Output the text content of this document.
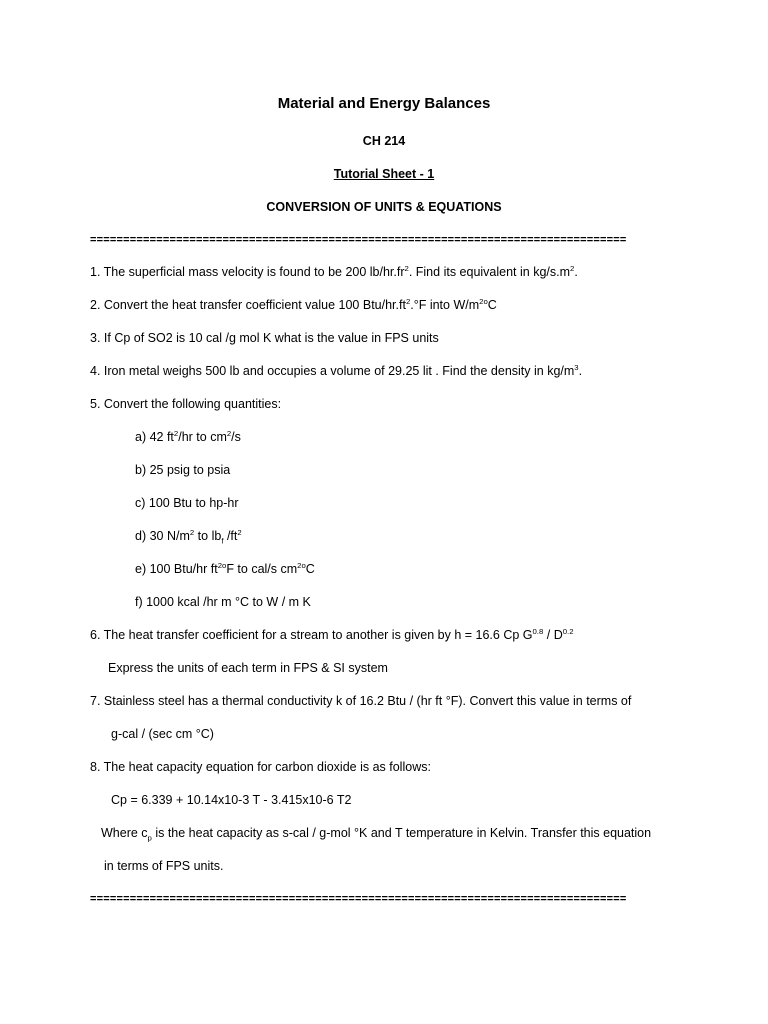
Material and Energy Balances
CH 214
Tutorial Sheet - 1
CONVERSION OF UNITS & EQUATIONS
=================================================================================
1. The superficial mass velocity is found to be 200 $lb/hr.fr^2$. Find its equivalent in $kg/s.m^2$.
2. Convert the heat transfer coefficient value 100 Btu/$hr.ft^2.^\circ F$ into $W/m^{2o}C$
3. If Cp of SO2 is 10 cal /g mol K what is the value in FPS units
4. Iron metal weighs 500 lb and occupies a volume of 29.25 lit . Find the density in $kg/m^3$.
5. Convert the following quantities:
a) 42 $ft^2/hr$ to $cm^2/s$
b) 25 psig to psia
c) 100 Btu to hp-hr
d) 30 $N/m^2$ to $lb_f$ $/ft^2$
e) 100 Btu/hr $ft^{2o}F$ to cal/s $cm^{2o}C$
f) 1000 kcal /hr m °C to W / m K
6. The heat transfer coefficient for a stream to another is given by h = 16.6 Cp $G^{0.8} / D^{0.2}$
Express the units of each term in FPS & SI system
7. Stainless steel has a thermal conductivity k of 16.2 Btu / (hr ft °F). Convert this value in terms of
g-cal / (sec cm °C)
8. The heat capacity equation for carbon dioxide is as follows:
Cp = 6.339 + 10.14x10-3 T - 3.415x10-6 T2
Where $c_p$ is the heat capacity as s-cal / g-mol °K and T temperature in Kelvin. Transfer this equation
in terms of FPS units.
=================================================================================
